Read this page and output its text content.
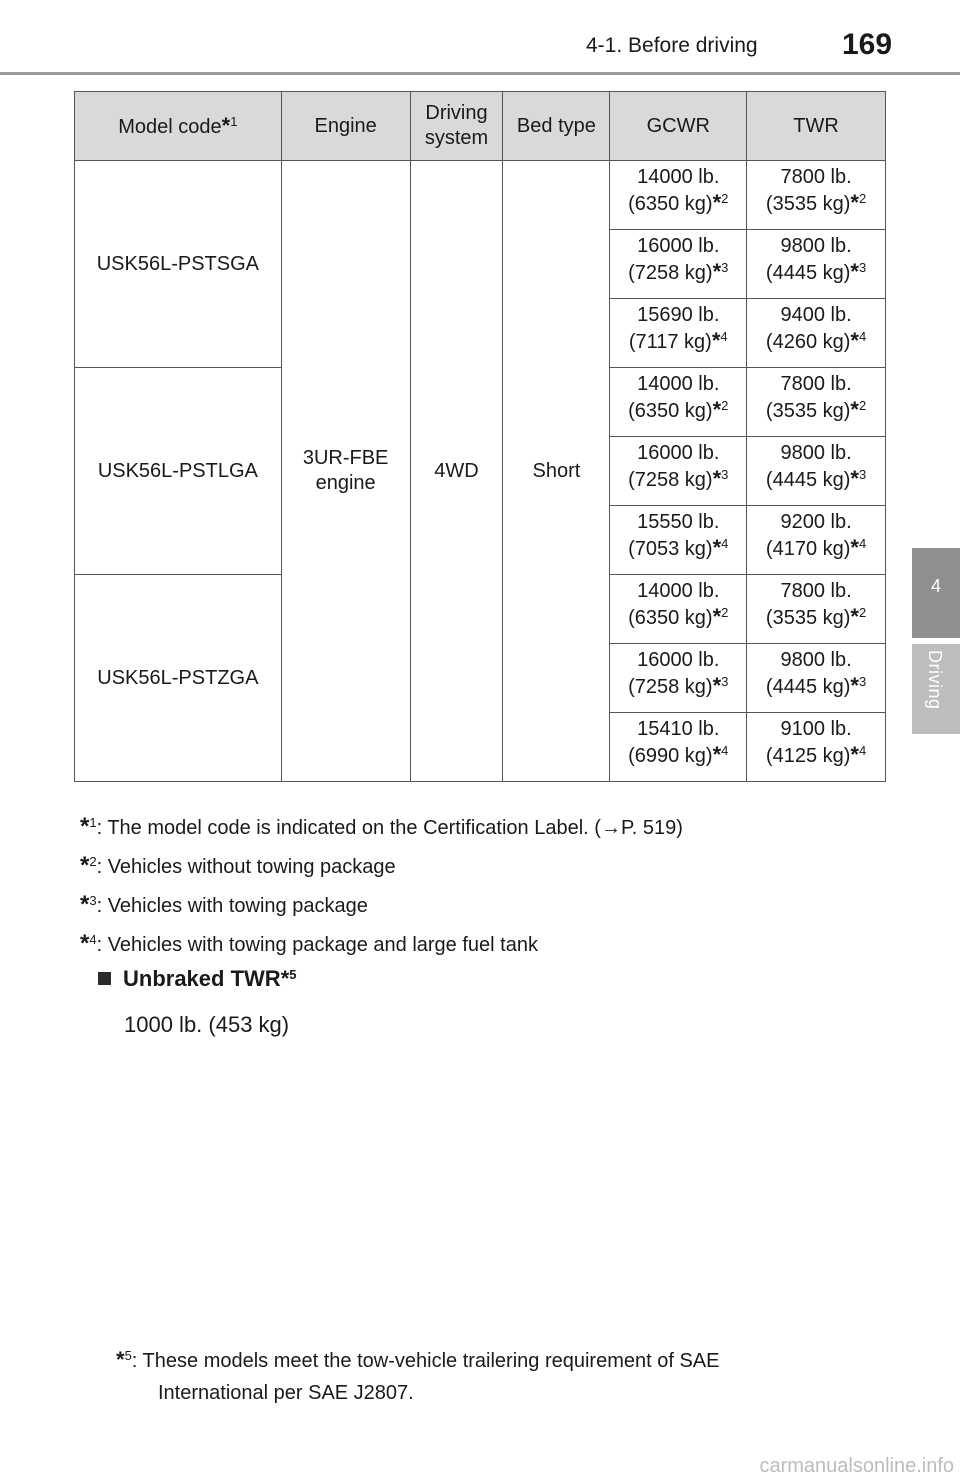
4-1. Before driving	169
4
Driving
Model code*$^1$	Engine	Driving
system	Bed type	GCWR	TWR
USK56L-PSTSGA	3UR-FBE
engine	4WD	Short	14000 lb.
(6350 kg)*$^2$	7800 lb.
(3535 kg)*$^2$
				16000 lb.
(7258 kg)*$^3$	9800 lb.
(4445 kg)*$^3$
				15690 lb.
(7117 kg)*$^4$	9400 lb.
(4260 kg)*$^4$
USK56L-PSTLGA				14000 lb.
(6350 kg)*$^2$	7800 lb.
(3535 kg)*$^2$
				16000 lb.
(7258 kg)*$^3$	9800 lb.
(4445 kg)*$^3$
				15550 lb.
(7053 kg)*$^4$	9200 lb.
(4170 kg)*$^4$
USK56L-PSTZGA				14000 lb.
(6350 kg)*$^2$	7800 lb.
(3535 kg)*$^2$
				16000 lb.
(7258 kg)*$^3$	9800 lb.
(4445 kg)*$^3$
				15410 lb.
(6990 kg)*$^4$	9100 lb.
(4125 kg)*$^4$
*$^1$: The model code is indicated on the Certification Label. (→P. 519)
*$^2$: Vehicles without towing package
*$^3$: Vehicles with towing package
*$^4$: Vehicles with towing package and large fuel tank
Unbraked TWR*$^5$
1000 lb. (453 kg)
*$^5$: These models meet the tow-vehicle trailering requirement of SAE
International per SAE J2807.
carmanualsonline.info
